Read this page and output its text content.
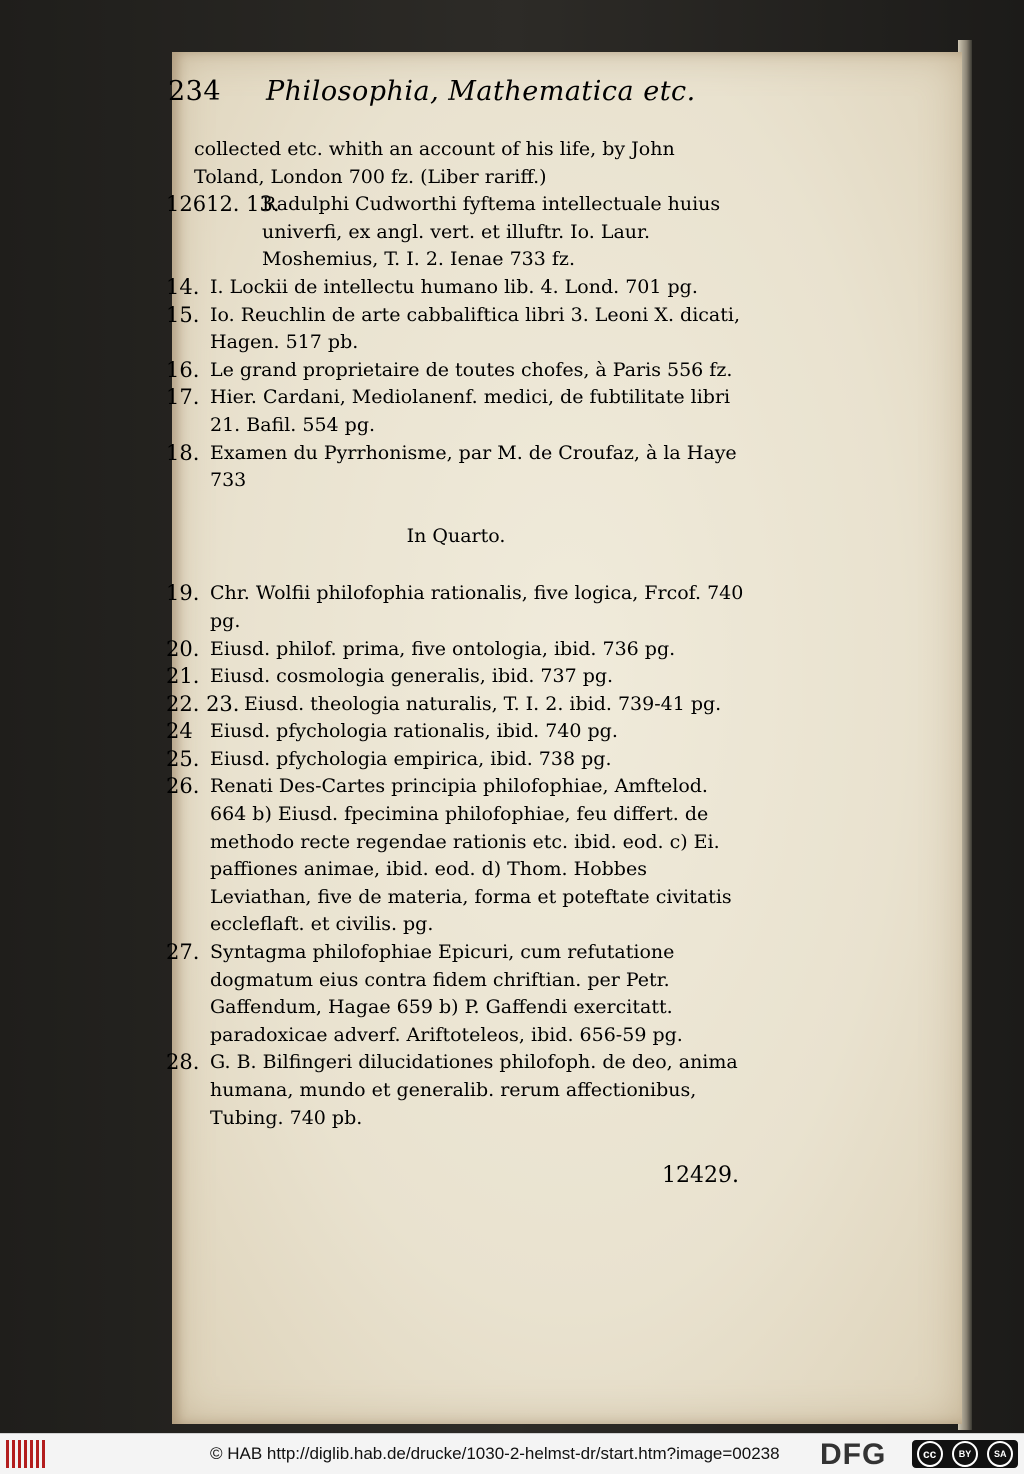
234 Philosophia, Mathematica etc.
collected etc. whith an account of his life, by John Toland, London 700 fz. (Liber rariff.)
12612. 13.
Radulphi Cudworthi fyftema intellectuale huius univerfi, ex angl. vert. et illuftr. Io. Laur. Moshemius, T. I. 2. Ienae 733 fz.
14. I. Lockii de intellectu humano lib. 4. Lond. 701 pg.
15. Io. Reuchlin de arte cabbaliftica libri 3. Leoni X. dicati, Hagen. 517 pb.
16. Le grand proprietaire de toutes chofes, à Paris 556 fz.
17. Hier. Cardani, Mediolanenf. medici, de fubtilitate libri 21. Bafil. 554 pg.
18. Examen du Pyrrhonisme, par M. de Croufaz, à la Haye 733
In Quarto.
19. Chr. Wolfii philofophia rationalis, five logica, Frcof. 740 pg.
20. Eiusd. philof. prima, five ontologia, ibid. 736 pg.
21. Eiusd. cosmologia generalis, ibid. 737 pg.
22. 23. Eiusd. theologia naturalis, T. I. 2. ibid. 739-41 pg.
24 Eiusd. pfychologia rationalis, ibid. 740 pg.
25. Eiusd. pfychologia empirica, ibid. 738 pg.
26. Renati Des-Cartes principia philofophiae, Amftelod. 664 b) Eiusd. fpecimina philofophiae, feu differt. de methodo recte regendae rationis etc. ibid. eod. c) Ei. paffiones animae, ibid. eod. d) Thom. Hobbes Leviathan, five de materia, forma et poteftate civitatis eccleflaft. et civilis. pg.
27. Syntagma philofophiae Epicuri, cum refutatione dogmatum eius contra fidem chriftian. per Petr. Gaffendum, Hagae 659 b) P. Gaffendi exercitatt. paradoxicae adverf. Ariftoteleos, ibid. 656-59 pg.
28. G. B. Bilfingeri dilucidationes philofoph. de deo, anima humana, mundo et generalib. rerum affectionibus, Tubing. 740 pb.
12429.
© HAB http://diglib.hab.de/drucke/1030-2-helmst-dr/start.htm?image=00238 DFG	cc	BY	SA
